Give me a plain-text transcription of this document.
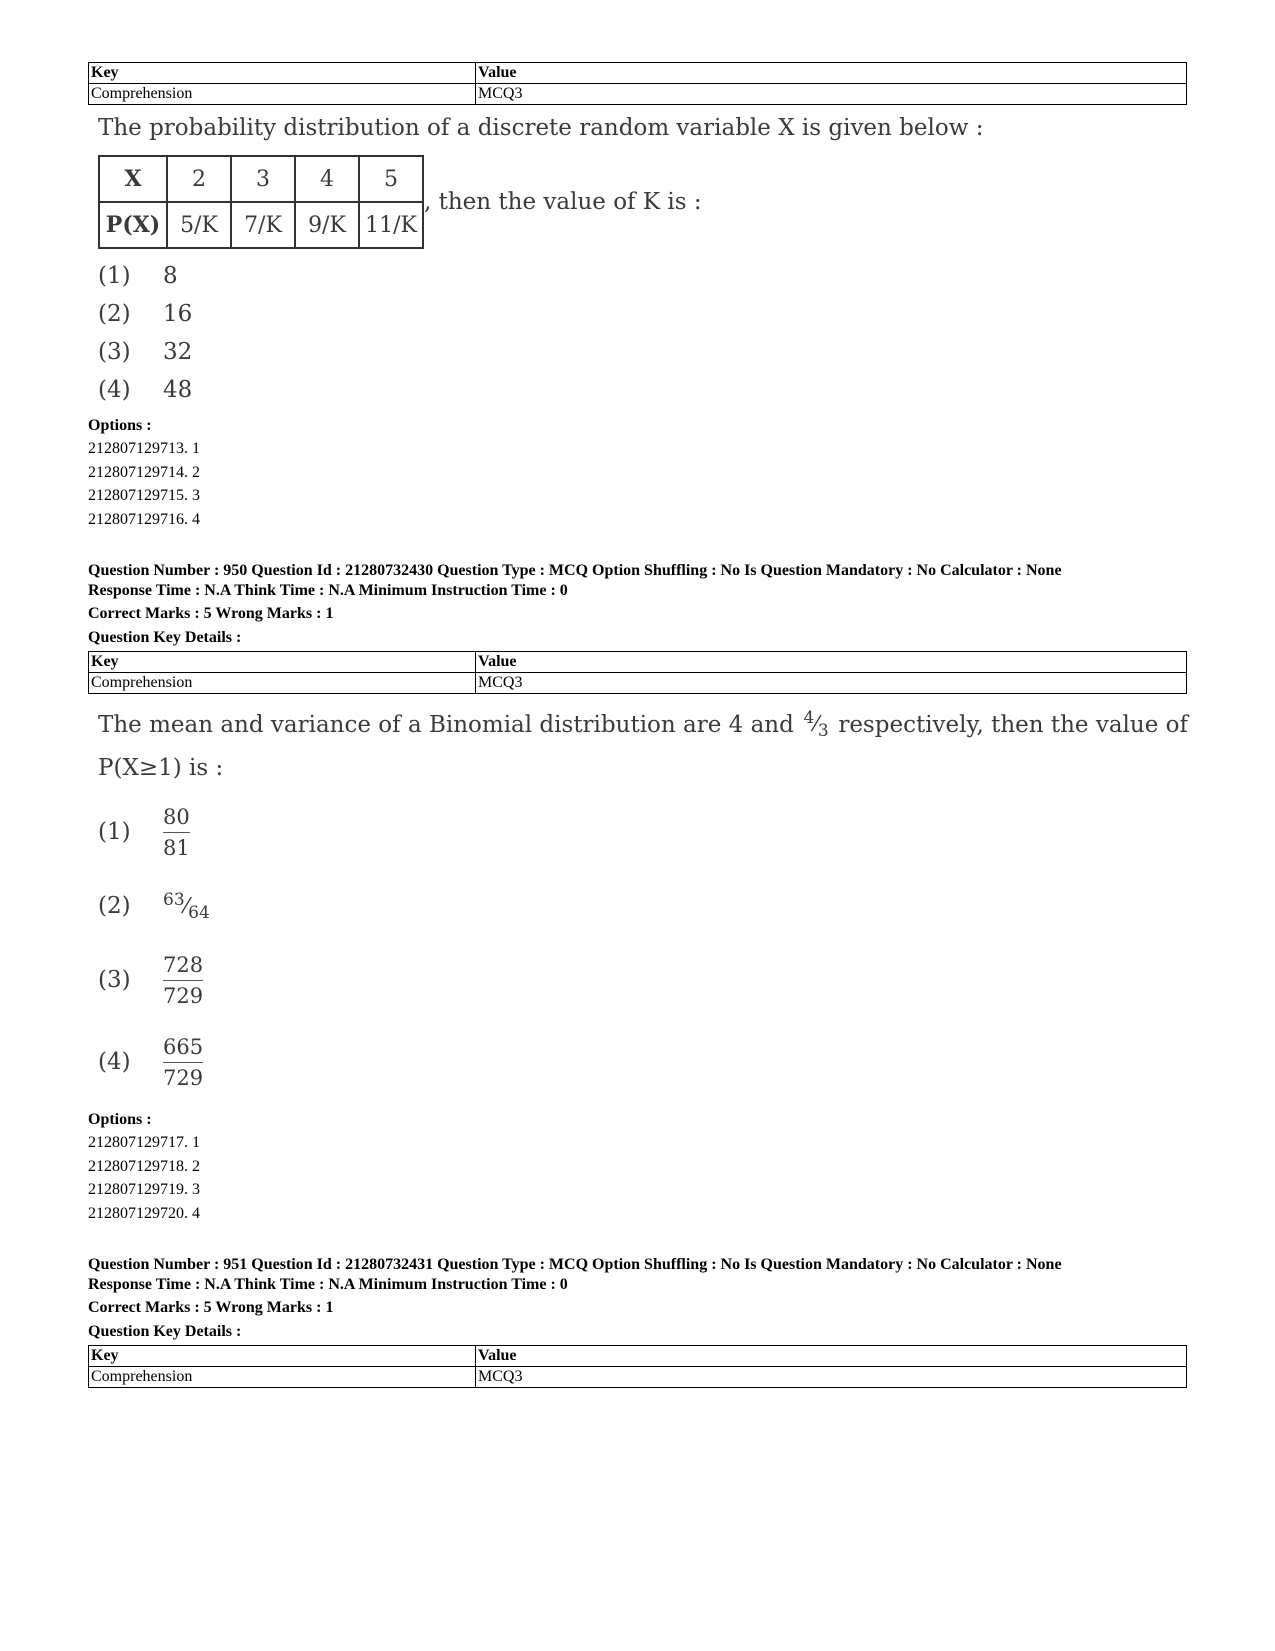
Key	Value
Comprehension	MCQ3
The probability distribution of a discrete random variable X is given below :
X	2	3	4	5
P(X)	5/K	7/K	9/K	11/K
, then the value of K is :
(1)	8
(2)	16
(3)	32
(4)	48
Options :
212807129713. 1
212807129714. 2
212807129715. 3
212807129716. 4
Question Number : 950 Question Id : 21280732430 Question Type : MCQ Option Shuffling : No Is Question Mandatory : No Calculator : None
Response Time : N.A Think Time : N.A Minimum Instruction Time : 0
Correct Marks : 5 Wrong Marks : 1
Question Key Details :
Key	Value
Comprehension	MCQ3
The mean and variance of a Binomial distribution are 4 and $^4⁄_3$ respectively, then the value of
P(X≥1) is :
(1)	$\frac{80}{81}$
(2)	$^{63}⁄_{64}$
(3)	$\frac{728}{729}$
(4)	$\frac{665}{729}$
Options :
212807129717. 1
212807129718. 2
212807129719. 3
212807129720. 4
Question Number : 951 Question Id : 21280732431 Question Type : MCQ Option Shuffling : No Is Question Mandatory : No Calculator : None
Response Time : N.A Think Time : N.A Minimum Instruction Time : 0
Correct Marks : 5 Wrong Marks : 1
Question Key Details :
Key	Value
Comprehension	MCQ3
